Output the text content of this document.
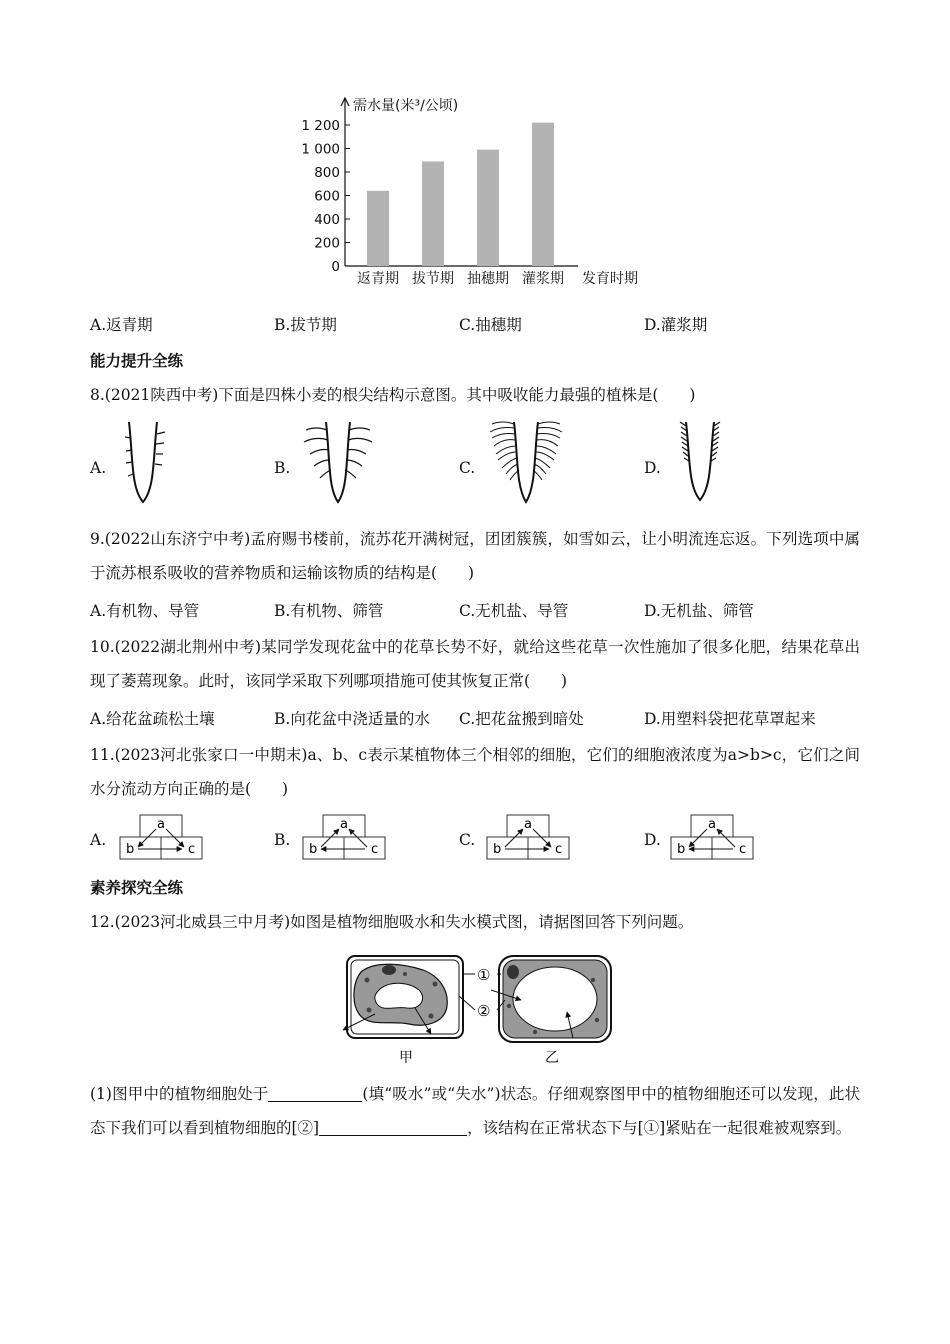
0
200
400
600
800
1 000
1 200
需水量(米³/公顷)
返青期 拔节期 抽穗期 灌浆期 发育时期
A.返青期	B.拔节期	C.抽穗期	D.灌浆期
能力提升全练
8.(2021陕西中考)下面是四株小麦的根尖结构示意图。其中吸收能力最强的植株是(　　)
A.	B.	C.	D.
9.(2022山东济宁中考)孟府赐书楼前，流苏花开满树冠，团团簇簇，如雪如云，让小明流连忘返。下列选项中属于流苏根系吸收的营养物质和运输该物质的结构是(　　)
A.有机物、导管	B.有机物、筛管	C.无机盐、导管	D.无机盐、筛管
10.(2022湖北荆州中考)某同学发现花盆中的花草长势不好，就给这些花草一次性施加了很多化肥，结果花草出现了萎蔫现象。此时，该同学采取下列哪项措施可使其恢复正常(　　)
A.给花盆疏松土壤	B.向花盆中浇适量的水 C.把花盆搬到暗处	D.用塑料袋把花草罩起来
11.(2023河北张家口一中期末)a、b、c表示某植物体三个相邻的细胞，它们的细胞液浓度为a>b>c，它们之间水分流动方向正确的是(　　)
A.	B.	C.	D.
a
b	c
a
b	c
a
b	c
a
b	c
素养探究全练
12.(2023河北威县三中月考)如图是植物细胞吸水和失水模式图，请据图回答下列问题。
①
②
甲	乙
(1)图甲中的植物细胞处于	(填“吸水”或“失水”)状态。仔细观察图甲中的植物细胞还可以发现，此状态下我们可以看到植物细胞的[②]	，该结构在正常状态下与[①]紧贴在一起很难被观察到。
